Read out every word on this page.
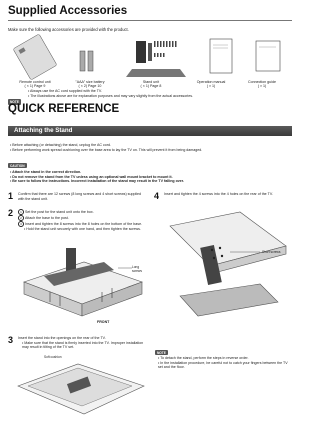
Supplied Accessories
Make sure the following accessories are provided with the product.
Remote control unit
( × 1) Page 9
"AAA" size battery
( × 2) Page 10
Stand unit
( × 1) Page 8
Operation manual
( × 1)
Connection guide
( × 1)
NOTE
• Always use the AC cord supplied with the TV.
• The illustrations above are for explanation purposes and may vary slightly from the actual accessories.
QUICK REFERENCE
Attaching the Stand
• Before attaching (or detaching) the stand, unplug the AC cord.
• Before performing work spread cushioning over the base area to lay the TV on. This will prevent it from being damaged.
CAUTION
• Attach the stand in the correct direction.
• Do not remove the stand from the TV unless using an optional wall mount bracket to mount it.
• Be sure to follow the instructions. Incorrect installation of the stand may result in the TV falling over.
1 Confirm that there are 12 screws (8 long screws and 4 short screws) supplied with the stand unit.
2	1 Set the post for the stand unit onto the box.
2 Attach the base to the post.
3 Insert and tighten the 8 screws into the 8 holes on the bottom of the base.
• Hold the stand unit securely with one hand, and then tighten the screws.
Long screws
FRONT
3 Insert the stand into the openings on the rear of the TV.
• Make sure that the stand is firmly inserted into the TV. Improper installation may result in tilting of the TV set.
Soft cushion
4 Insert and tighten the 4 screws into the 4 holes on the rear of the TV.
Short screws
NOTE
• To detach the stand, perform the steps in reverse order.
• In the installation procedure, be careful not to catch your fingers between the TV set and the floor.
